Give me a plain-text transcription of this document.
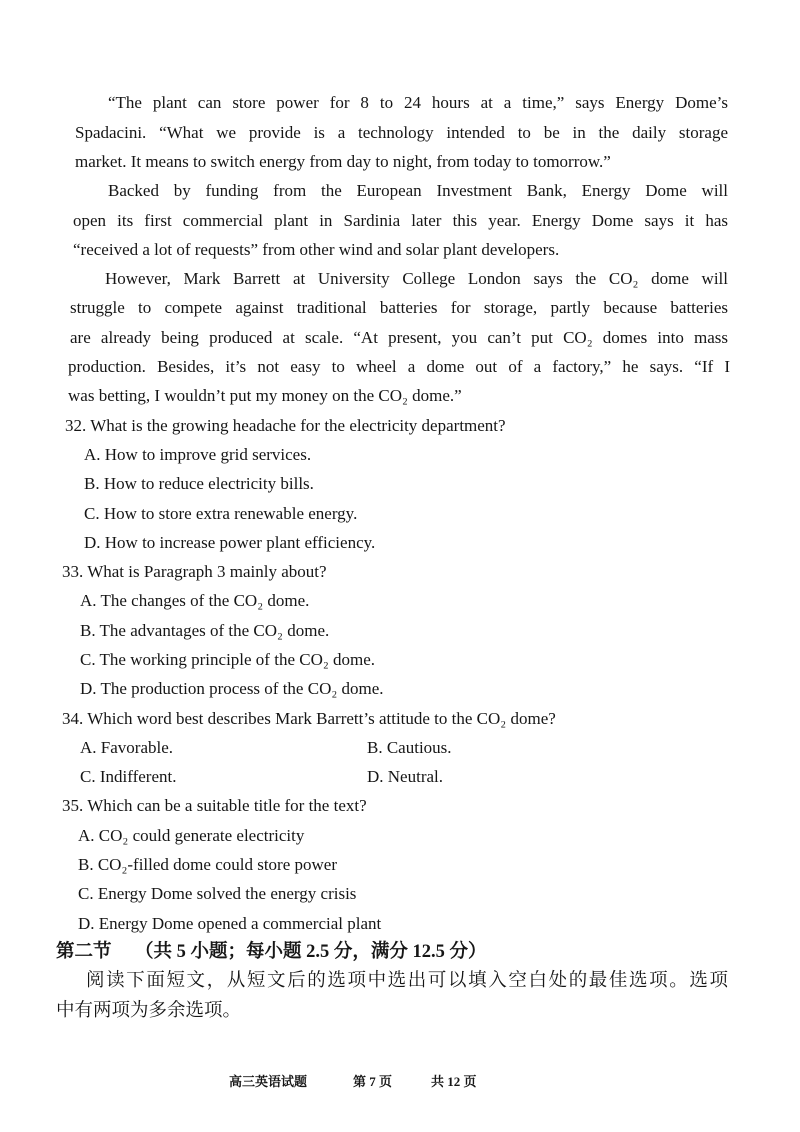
“The plant can store power for 8 to 24 hours at a time,” says Energy Dome’s
Spadacini. “What we provide is a technology intended to be in the daily storage
market. It means to switch energy from day to night, from today to tomorrow.”
Backed by funding from the European Investment Bank, Energy Dome will
open its first commercial plant in Sardinia later this year. Energy Dome says it has
“received a lot of requests” from other wind and solar plant developers.
However, Mark Barrett at University College London says the CO₂ dome will
struggle to compete against traditional batteries for storage, partly because batteries
are already being produced at scale. “At present, you can’t put CO₂ domes into mass
production. Besides, it’s not easy to wheel a dome out of a factory,” he says. “If I
was betting, I wouldn’t put my money on the CO₂ dome.”
32. What is the growing headache for the electricity department?
A. How to improve grid services.
B. How to reduce electricity bills.
C. How to store extra renewable energy.
D. How to increase power plant efficiency.
33. What is Paragraph 3 mainly about?
A. The changes of the CO₂ dome.
B. The advantages of the CO₂ dome.
C. The working principle of the CO₂ dome.
D. The production process of the CO₂ dome.
34. Which word best describes Mark Barrett’s attitude to the CO₂ dome?
A. Favorable.	B. Cautious.
C. Indifferent.	D. Neutral.
35. Which can be a suitable title for the text?
A. CO₂ could generate electricity
B. CO₂-filled dome could store power
C. Energy Dome solved the energy crisis
D. Energy Dome opened a commercial plant
第二节 （共 5 小题；每小题 2.5 分，满分 12.5 分）
阅读下面短文，从短文后的选项中选出可以填入空白处的最佳选项。选项
中有两项为多余选项。
高三英语试题	第 7 页	共 12 页
